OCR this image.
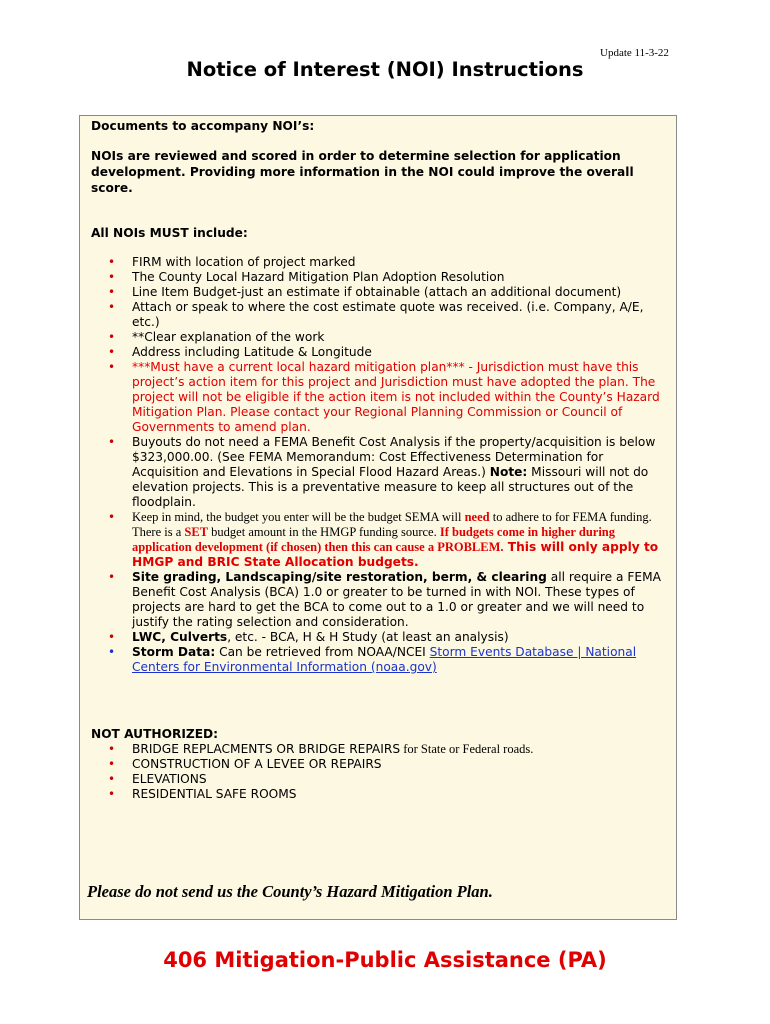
Update 11-3-22
Notice of Interest (NOI) Instructions
Documents to accompany NOI’s:
NOIs are reviewed and scored in order to determine selection for application development. Providing more information in the NOI could improve the overall score.
All NOIs MUST include:
• FIRM with location of project marked
• The County Local Hazard Mitigation Plan Adoption Resolution
• Line Item Budget-just an estimate if obtainable (attach an additional document)
• Attach or speak to where the cost estimate quote was received. (i.e. Company, A/E, etc.)
• **Clear explanation of the work
• Address including Latitude & Longitude
• ***Must have a current local hazard mitigation plan*** - Jurisdiction must have this project’s action item for this project and Jurisdiction must have adopted the plan. The project will not be eligible if the action item is not included within the County’s Hazard Mitigation Plan. Please contact your Regional Planning Commission or Council of Governments to amend plan.
• Buyouts do not need a FEMA Benefit Cost Analysis if the property/acquisition is below $323,000.00. (See FEMA Memorandum: Cost Effectiveness Determination for Acquisition and Elevations in Special Flood Hazard Areas.) Note: Missouri will not do elevation projects. This is a preventative measure to keep all structures out of the floodplain.
• Keep in mind, the budget you enter will be the budget SEMA will need to adhere to for FEMA funding. There is a SET budget amount in the HMGP funding source. If budgets come in higher during application development (if chosen) then this can cause a PROBLEM. This will only apply to HMGP and BRIC State Allocation budgets.
• Site grading, Landscaping/site restoration, berm, & clearing all require a FEMA Benefit Cost Analysis (BCA) 1.0 or greater to be turned in with NOI. These types of projects are hard to get the BCA to come out to a 1.0 or greater and we will need to justify the rating selection and consideration.
• LWC, Culverts, etc. - BCA, H & H Study (at least an analysis)
• Storm Data: Can be retrieved from NOAA/NCEI Storm Events Database | National Centers for Environmental Information (noaa.gov)
NOT AUTHORIZED:
• BRIDGE REPLACMENTS OR BRIDGE REPAIRS for State or Federal roads.
• CONSTRUCTION OF A LEVEE OR REPAIRS
• ELEVATIONS
• RESIDENTIAL SAFE ROOMS
Please do not send us the County’s Hazard Mitigation Plan.
406 Mitigation-Public Assistance (PA)
